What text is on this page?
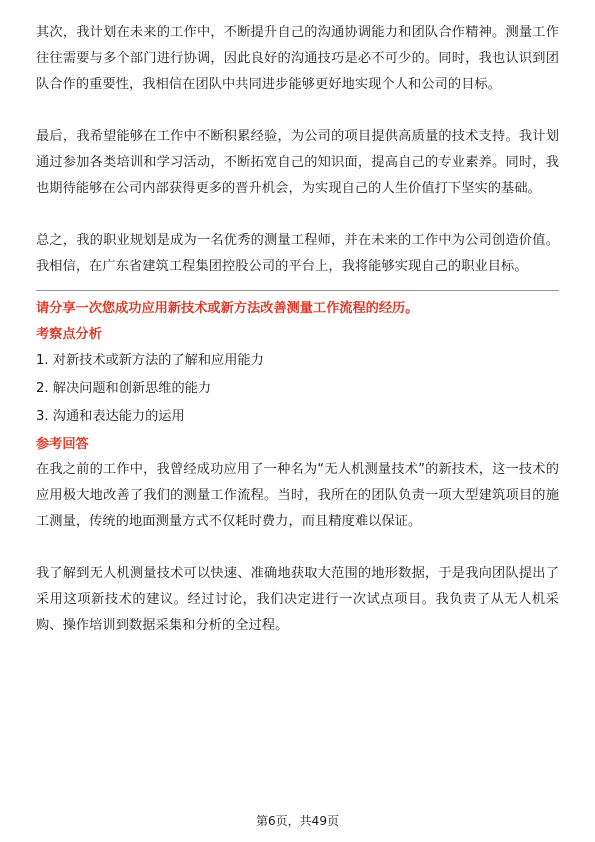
其次，我计划在未来的工作中，不断提升自己的沟通协调能力和团队合作精神。测量工作往往需要与多个部门进行协调，因此良好的沟通技巧是必不可少的。同时，我也认识到团队合作的重要性，我相信在团队中共同进步能够更好地实现个人和公司的目标。

最后，我希望能够在工作中不断积累经验，为公司的项目提供高质量的技术支持。我计划通过参加各类培训和学习活动，不断拓宽自己的知识面，提高自己的专业素养。同时，我也期待能够在公司内部获得更多的晋升机会，为实现自己的人生价值打下坚实的基础。

总之，我的职业规划是成为一名优秀的测量工程师，并在未来的工作中为公司创造价值。我相信，在广东省建筑工程集团控股公司的平台上，我将能够实现自己的职业目标。

请分享一次您成功应用新技术或新方法改善测量工作流程的经历。

考察点分析

1. 对新技术或新方法的了解和应用能力
2. 解决问题和创新思维的能力
3. 沟通和表达能力的运用

参考回答

在我之前的工作中，我曾经成功应用了一种名为“无人机测量技术”的新技术，这一技术的应用极大地改善了我们的测量工作流程。当时，我所在的团队负责一项大型建筑项目的施工测量，传统的地面测量方式不仅耗时费力，而且精度难以保证。

我了解到无人机测量技术可以快速、准确地获取大范围的地形数据，于是我向团队提出了采用这项新技术的建议。经过讨论，我们决定进行一次试点项目。我负责了从无人机采购、操作培训到数据采集和分析的全过程。

第6页，共49页
